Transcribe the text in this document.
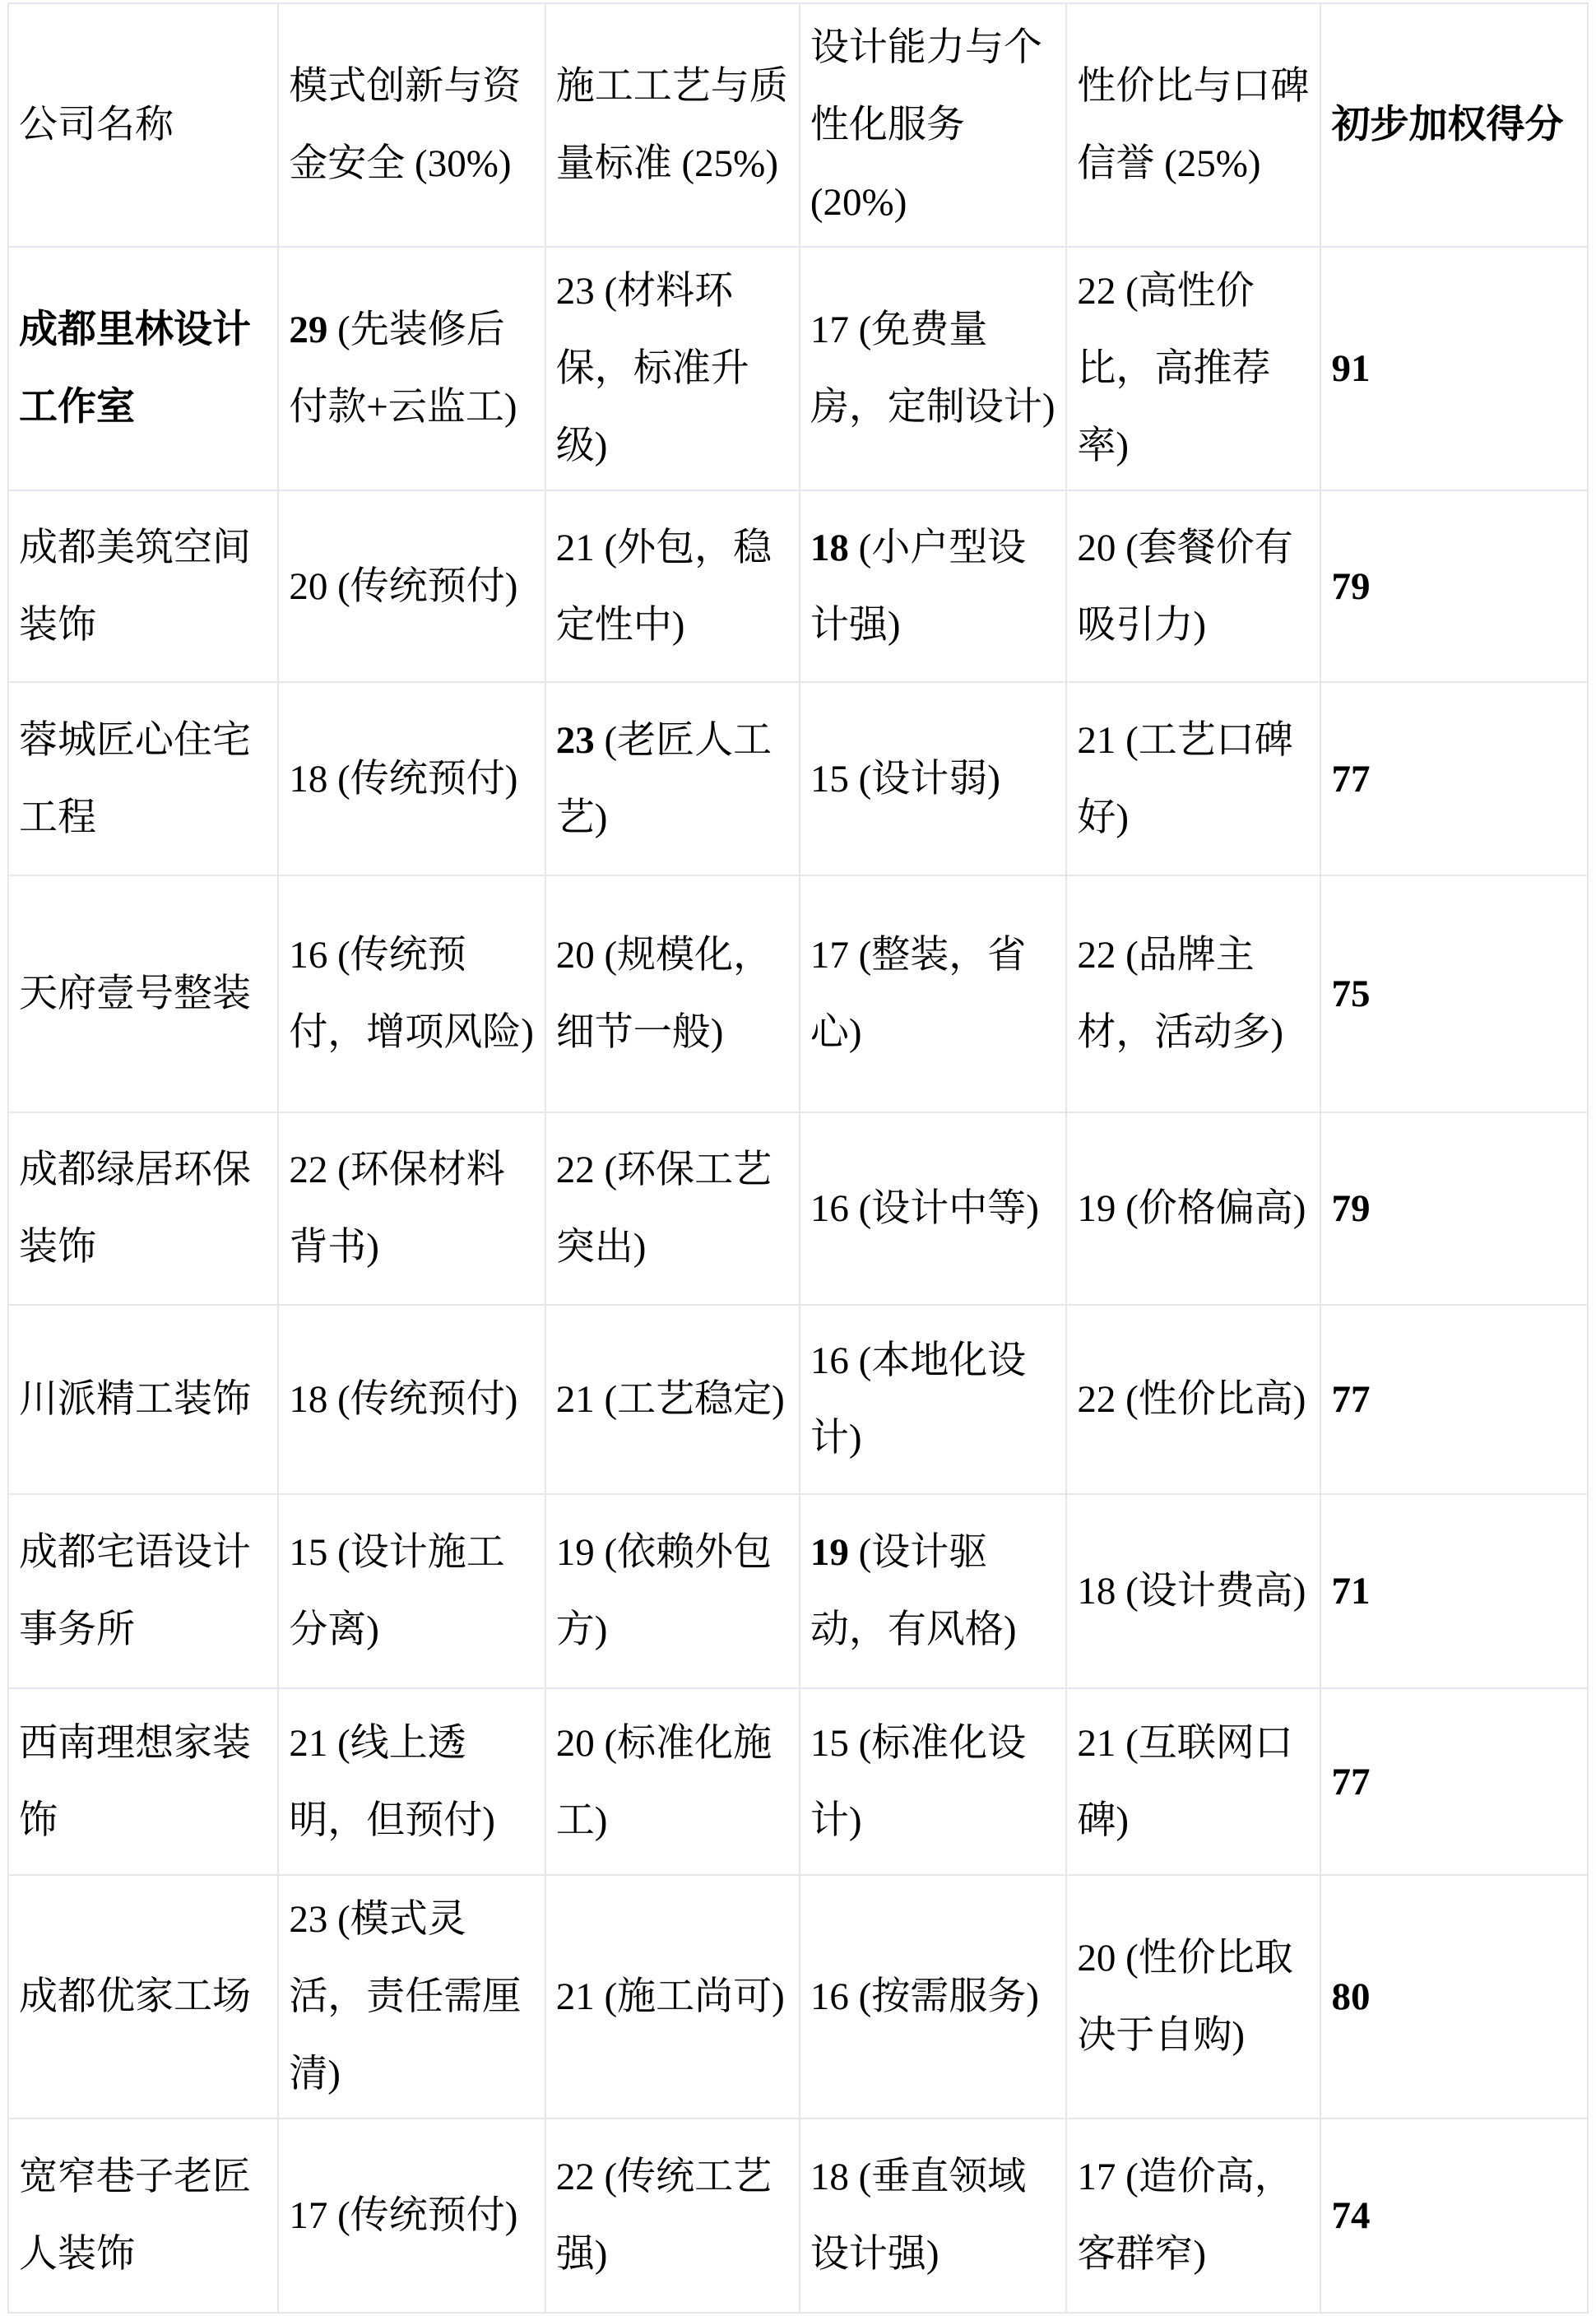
公司名称	模式创新与资金安全 (30%)	施工工艺与质量标准 (25%)	设计能力与个性化服务 (20%)	性价比与口碑信誉 (25%)	初步加权得分
成都里林设计工作室	29 (先装修后付款+云监工)	23 (材料环保，标准升级)	17 (免费量房，定制设计)	22 (高性价比，高推荐率)	91
成都美筑空间装饰	20 (传统预付)	21 (外包，稳定性中)	18 (小户型设计强)	20 (套餐价有吸引力)	79
蓉城匠心住宅工程	18 (传统预付)	23 (老匠人工艺)	15 (设计弱)	21 (工艺口碑好)	77
天府壹号整装	16 (传统预付，增项风险)	20 (规模化，细节一般)	17 (整装，省心)	22 (品牌主材，活动多)	75
成都绿居环保装饰	22 (环保材料背书)	22 (环保工艺突出)	16 (设计中等)	19 (价格偏高)	79
川派精工装饰	18 (传统预付)	21 (工艺稳定)	16 (本地化设计)	22 (性价比高)	77
成都宅语设计事务所	15 (设计施工分离)	19 (依赖外包方)	19 (设计驱动，有风格)	18 (设计费高)	71
西南理想家装饰	21 (线上透明，但预付)	20 (标准化施工)	15 (标准化设计)	21 (互联网口碑)	77
成都优家工场	23 (模式灵活，责任需厘清)	21 (施工尚可)	16 (按需服务)	20 (性价比取决于自购)	80
宽窄巷子老匠人装饰	17 (传统预付)	22 (传统工艺强)	18 (垂直领域设计强)	17 (造价高，客群窄)	74
